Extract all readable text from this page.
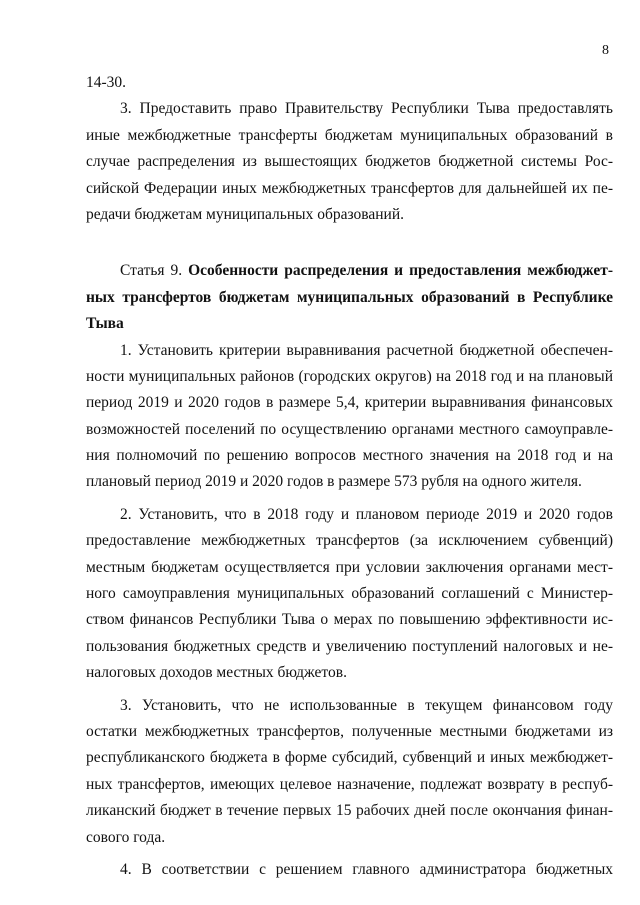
8
14-30.
3. Предоставить право Правительству Республики Тыва предоставлять
иные межбюджетные трансферты бюджетам муниципальных образований в
случае распределения из вышестоящих бюджетов бюджетной системы Рос-
сийской Федерации иных межбюджетных трансфертов для дальнейшей их пе-
редачи бюджетам муниципальных образований.
Статья 9. Особенности распределения и предоставления межбюджет-
ных трансфертов бюджетам муниципальных образований в Республике
Тыва
1. Установить критерии выравнивания расчетной бюджетной обеспечен-
ности муниципальных районов (городских округов) на 2018 год и на плановый
период 2019 и 2020 годов в размере 5,4, критерии выравнивания финансовых
возможностей поселений по осуществлению органами местного самоуправле-
ния полномочий по решению вопросов местного значения на 2018 год и на
плановый период 2019 и 2020 годов в размере 573 рубля на одного жителя.
2. Установить, что в 2018 году и плановом периоде 2019 и 2020 годов
предоставление межбюджетных трансфертов (за исключением субвенций)
местным бюджетам осуществляется при условии заключения органами мест-
ного самоуправления муниципальных образований соглашений с Министер-
ством финансов Республики Тыва о мерах по повышению эффективности ис-
пользования бюджетных средств и увеличению поступлений налоговых и не-
налоговых доходов местных бюджетов.
3. Установить, что не использованные в текущем финансовом году
остатки межбюджетных трансфертов, полученные местными бюджетами из
республиканского бюджета в форме субсидий, субвенций и иных межбюджет-
ных трансфертов, имеющих целевое назначение, подлежат возврату в респуб-
ликанский бюджет в течение первых 15 рабочих дней после окончания финан-
сового года.
4. В соответствии с решением главного администратора бюджетных
